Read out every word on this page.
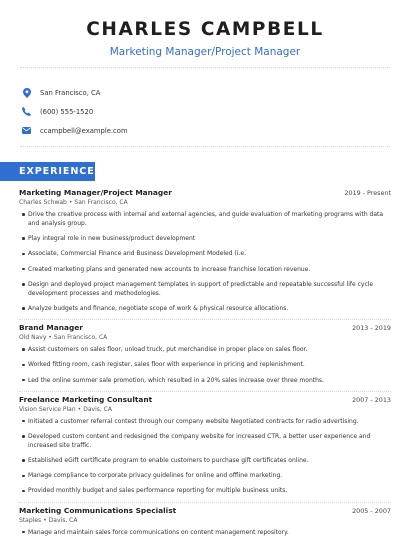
CHARLES CAMPBELL
Marketing Manager/Project Manager
San Francisco, CA
(600) 555-1520
ccampbell@example.com
EXPERIENCE
Marketing Manager/Project Manager	2019 - Present
Charles Schwab • San Francisco, CA
Drive the creative process with internal and external agencies, and guide evaluation of marketing programs with data and analysis group.
Play integral role in new business/product development
Associate, Commercial Finance and Business Development Modeled (i.e.
Created marketing plans and generated new accounts to increase franchise location revenue.
Design and deployed project management templates in support of predictable and repeatable successful life cycle development processes and methodologies.
Analyze budgets and finance, negotiate scope of work & physical resource allocations.
Brand Manager	2013 - 2019
Old Navy • San Francisco, CA
Assist customers on sales floor, unload truck, put merchandise in proper place on sales floor.
Worked fitting room, cash register, sales floor with experience in pricing and replenishment.
Led the online summer sale promotion, which resulted in a 20% sales increase over three months.
Freelance Marketing Consultant	2007 - 2013
Vision Service Plan • Davis, CA
Initiated a customer referral contest through our company website Negotiated contracts for radio advertising.
Developed custom content and redesigned the company website for increased CTR, a better user experience and increased site traffic.
Established eGift certificate program to enable customers to purchase gift certificates online.
Manage compliance to corporate privacy guidelines for online and offline marketing.
Provided monthly budget and sales performance reporting for multiple business units.
Marketing Communications Specialist	2005 - 2007
Staples • Davis, CA
Manage and maintain sales force communications on content management repository.
